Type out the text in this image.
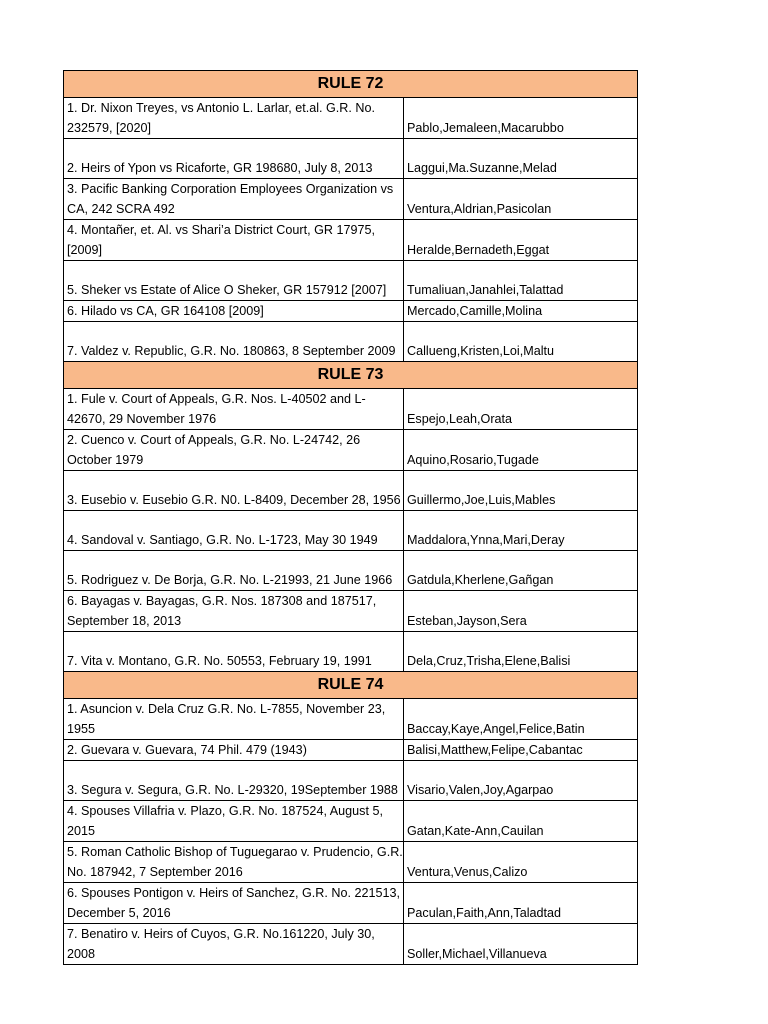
RULE 72	
1. Dr. Nixon Treyes, vs Antonio L. Larlar, et.al. G.R. No. 232579, [2020]	Pablo,Jemaleen,Macarubbo
2. Heirs of Ypon vs Ricaforte, GR 198680, July 8, 2013	Laggui,Ma.Suzanne,Melad
3. Pacific Banking Corporation Employees Organization vs CA, 242 SCRA 492	Ventura,Aldrian,Pasicolan
4. Montañer, et. Al. vs Shari’a District Court, GR 17975, [2009]	Heralde,Bernadeth,Eggat
5. Sheker vs Estate of Alice O Sheker, GR 157912 [2007]	Tumaliuan,Janahlei,Talattad
6. Hilado vs CA, GR 164108 [2009]	Mercado,Camille,Molina
7. Valdez v. Republic, G.R. No. 180863, 8 September 2009	Callueng,Kristen,Loi,Maltu
RULE 73	
1. Fule v. Court of Appeals, G.R. Nos. L-40502 and L-42670, 29 November 1976	Espejo,Leah,Orata
2. Cuenco v. Court of Appeals, G.R. No. L-24742, 26 October 1979	Aquino,Rosario,Tugade
3. Eusebio v. Eusebio G.R. N0. L-8409, December 28, 1956	Guillermo,Joe,Luis,Mables
4. Sandoval v. Santiago, G.R. No. L-1723, May 30 1949	Maddalora,Ynna,Mari,Deray
5. Rodriguez v. De Borja, G.R. No. L-21993, 21 June 1966	Gatdula,Kherlene,Gañgan
6. Bayagas v. Bayagas, G.R. Nos. 187308 and 187517, September 18, 2013	Esteban,Jayson,Sera
7. Vita v. Montano, G.R. No. 50553, February 19, 1991	Dela,Cruz,Trisha,Elene,Balisi
RULE 74	
1. Asuncion v. Dela Cruz G.R. No. L-7855, November 23, 1955	Baccay,Kaye,Angel,Felice,Batin
2. Guevara v. Guevara, 74 Phil. 479 (1943)	Balisi,Matthew,Felipe,Cabantac
3. Segura v. Segura, G.R. No. L-29320, 19September 1988	Visario,Valen,Joy,Agarpao
4. Spouses Villafria v. Plazo, G.R. No. 187524, August 5, 2015	Gatan,Kate-Ann,Cauilan
5. Roman Catholic Bishop of Tuguegarao v. Prudencio, G.R. No. 187942, 7 September 2016	Ventura,Venus,Calizo
6. Spouses Pontigon v. Heirs of Sanchez, G.R. No. 221513, December 5, 2016	Paculan,Faith,Ann,Taladtad
7. Benatiro v. Heirs of Cuyos, G.R. No.161220, July 30, 2008	Soller,Michael,Villanueva
